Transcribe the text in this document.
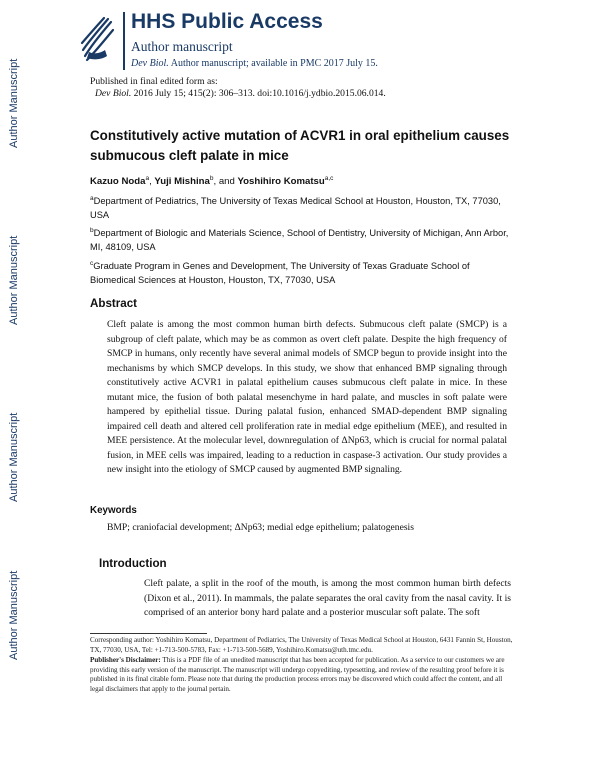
Author Manuscript
Author Manuscript
Author Manuscript
Author Manuscript
HHS Public Access
Author manuscript
Dev Biol. Author manuscript; available in PMC 2017 July 15.
Published in final edited form as:
Dev Biol. 2016 July 15; 415(2): 306–313. doi:10.1016/j.ydbio.2015.06.014.
Constitutively active mutation of ACVR1 in oral epithelium causes submucous cleft palate in mice
Kazuo Noda$^a$, Yuji Mishina$^b$, and Yoshihiro Komatsu$^{a,c}$
$^a$Department of Pediatrics, The University of Texas Medical School at Houston, Houston, TX, 77030, USA
$^b$Department of Biologic and Materials Science, School of Dentistry, University of Michigan, Ann Arbor, MI, 48109, USA
$^c$Graduate Program in Genes and Development, The University of Texas Graduate School of Biomedical Sciences at Houston, Houston, TX, 77030, USA
Abstract
Cleft palate is among the most common human birth defects. Submucous cleft palate (SMCP) is a subgroup of cleft palate, which may be as common as overt cleft palate. Despite the high frequency of SMCP in humans, only recently have several animal models of SMCP begun to provide insight into the mechanisms by which SMCP develops. In this study, we show that enhanced BMP signaling through constitutively active ACVR1 in palatal epithelium causes submucous cleft palate in mice. In these mutant mice, the fusion of both palatal mesenchyme in hard palate, and muscles in soft palate were hampered by epithelial tissue. During palatal fusion, enhanced SMAD-dependent BMP signaling impaired cell death and altered cell proliferation rate in medial edge epithelium (MEE), and resulted in MEE persistence. At the molecular level, downregulation of ΔNp63, which is crucial for normal palatal fusion, in MEE cells was impaired, leading to a reduction in caspase-3 activation. Our study provides a new insight into the etiology of SMCP caused by augmented BMP signaling.
Keywords
BMP; craniofacial development; ΔNp63; medial edge epithelium; palatogenesis
Introduction
Cleft palate, a split in the roof of the mouth, is among the most common human birth defects (Dixon et al., 2011). In mammals, the palate separates the oral cavity from the nasal cavity. It is comprised of an anterior bony hard palate and a posterior muscular soft palate. The soft
Corresponding author: Yoshihiro Komatsu, Department of Pediatrics, The University of Texas Medical School at Houston, 6431 Fannin St, Houston, TX, 77030, USA, Tel: +1-713-500-5783, Fax: +1-713-500-5689, Yoshihiro.Komatsu@uth.tmc.edu.
Publisher's Disclaimer: This is a PDF file of an unedited manuscript that has been accepted for publication. As a service to our customers we are providing this early version of the manuscript. The manuscript will undergo copyediting, typesetting, and review of the resulting proof before it is published in its final citable form. Please note that during the production process errors may be discovered which could affect the content, and all legal disclaimers that apply to the journal pertain.
